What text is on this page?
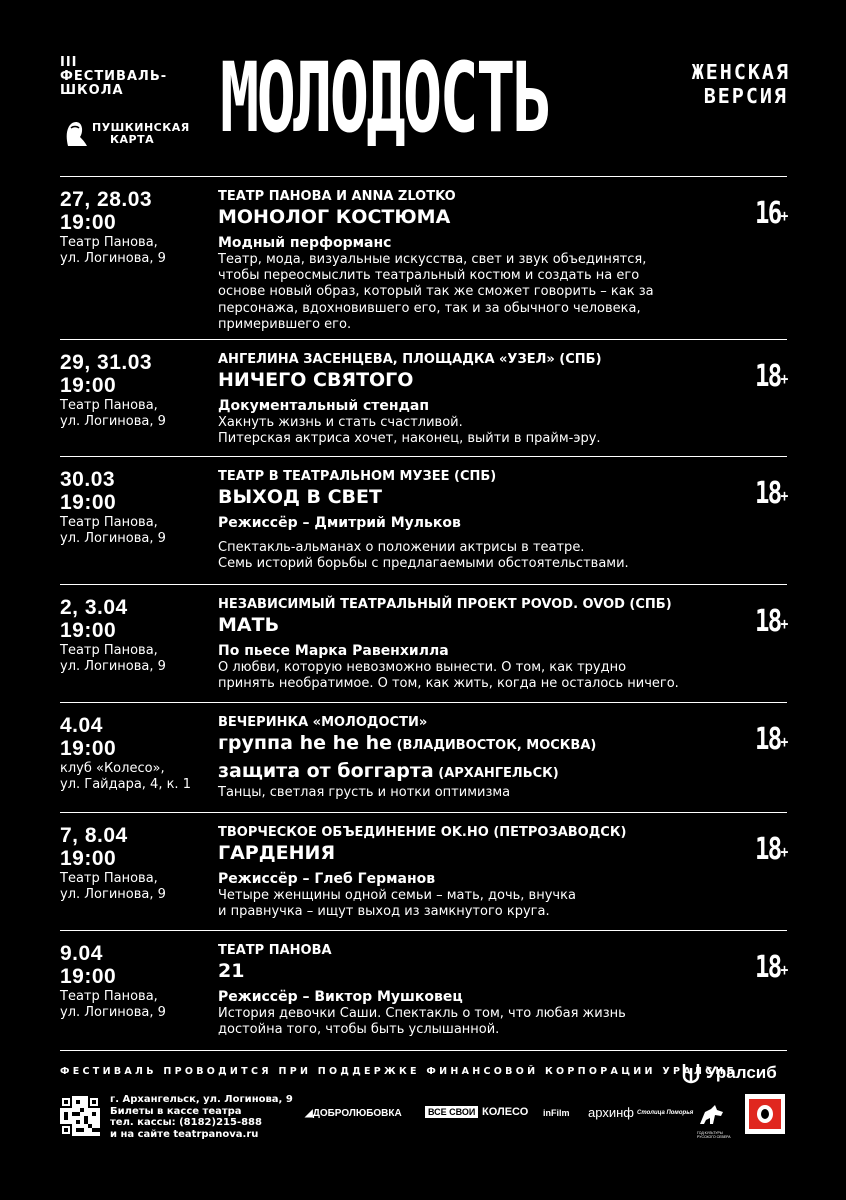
III
ФЕСТИВАЛЬ-
ШКОЛА
ПУШКИНСКАЯ
КАРТА МОЛОДОСТЬ	ЖЕНСКАЯ
ВЕРСИЯ
27, 28.03
19:00
Театр Панова,
ул. Логинова, 9
ТЕАТР ПАНОВА И ANNA ZLOTKO
МОНОЛОГ КОСТЮМА
Модный перформанс
Театр, мода, визуальные искусства, свет и звук объединятся,
чтобы переосмыслить театральный костюм и создать на его
основе новый образ, который так же сможет говорить – как за
персонажа, вдохновившего его, так и за обычного человека,
примерившего его.
16+
29, 31.03
19:00
Театр Панова,
ул. Логинова, 9
АНГЕЛИНА ЗАСЕНЦЕВА, ПЛОЩАДКА «УЗЕЛ» (СПБ)
НИЧЕГО СВЯТОГО
Документальный стендап
Хакнуть жизнь и стать счастливой.
Питерская актриса хочет, наконец, выйти в прайм-эру.
18+
30.03
19:00
Театр Панова,
ул. Логинова, 9
ТЕАТР В ТЕАТРАЛЬНОМ МУЗЕЕ (СПБ)
ВЫХОД В СВЕТ
Режиссёр – Дмитрий Мульков
Спектакль-альманах о положении актрисы в театре.
Семь историй борьбы с предлагаемыми обстоятельствами.
18+
2, 3.04
19:00
Театр Панова,
ул. Логинова, 9
НЕЗАВИСИМЫЙ ТЕАТРАЛЬНЫЙ ПРОЕКТ POVOD. OVOD (СПБ)
МАТЬ
По пьесе Марка Равенхилла
О любви, которую невозможно вынести. О том, как трудно
принять необратимое. О том, как жить, когда не осталось ничего.
18+
4.04
19:00
клуб «Колесо»,
ул. Гайдара, 4, к. 1
ВЕЧЕРИНКА «МОЛОДОСТИ»
группа he he he (ВЛАДИВОСТОК, МОСКВА)
защита от боггарта (АРХАНГЕЛЬСК)
Танцы, светлая грусть и нотки оптимизма
18+
7, 8.04
19:00
Театр Панова,
ул. Логинова, 9
ТВОРЧЕСКОЕ ОБЪЕДИНЕНИЕ OK.HO (ПЕТРОЗАВОДСК)
ГАРДЕНИЯ
Режиссёр – Глеб Германов
Четыре женщины одной семьи – мать, дочь, внучка
и правнучка – ищут выход из замкнутого круга.
18+
9.04
19:00
Театр Панова,
ул. Логинова, 9
ТЕАТР ПАНОВА
21
Режиссёр – Виктор Мушковец
История девочки Саши. Спектакль о том, что любая жизнь
достойна того, чтобы быть услышанной.
18+
ФЕСТИВАЛЬ ПРОВОДИТСЯ ПРИ ПОДДЕРЖКЕ ФИНАНСОВОЙ КОРПОРАЦИИ УРАЛСИБ
Уралсиб
г. Архангельск, ул. Логинова, 9
Билеты в кассе театра
тел. кассы: (8182)215-888
и на сайте teatrpanova.ru
◢ДОБРОЛЮБОВКА	ВСЕ СВОИ КОЛЕСО inFilm архинф Столица Поморья
ГОД КУЛЬТУРЫ РУССКОГО СЕВЕРА
